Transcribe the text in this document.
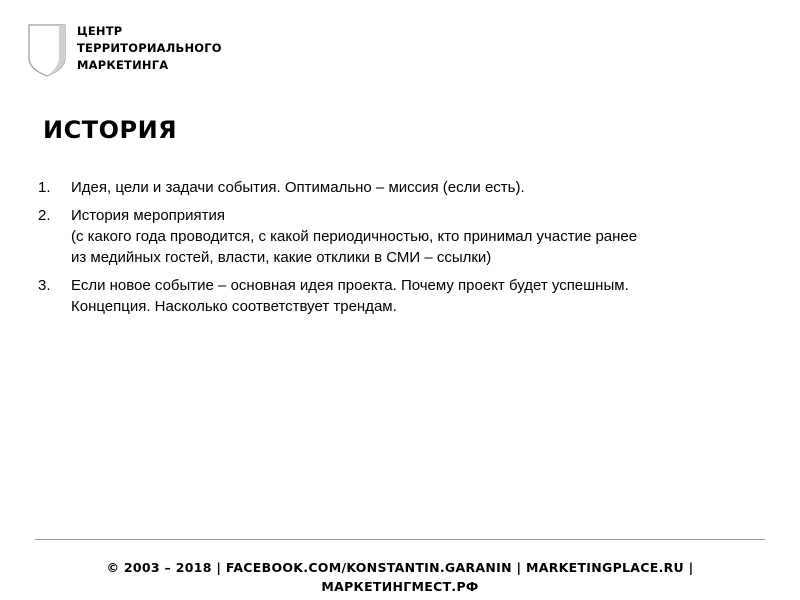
ЦЕНТР
ТЕРРИТОРИАЛЬНОГО
МАРКЕТИНГА
ИСТОРИЯ
1. Идея, цели и задачи события. Оптимально – миссия (если есть).
2. История мероприятия
(с какого года проводится, с какой периодичностью, кто принимал участие ранее
из медийных гостей, власти, какие отклики в СМИ – ссылки)
3. Если новое событие – основная идея проекта. Почему проект будет успешным.
Концепция. Насколько соответствует трендам.
© 2003 – 2018 | FACEBOOK.COM/KONSTANTIN.GARANIN | MARKETINGPLACE.RU |
МАРКЕТИНГМЕСТ.РФ
